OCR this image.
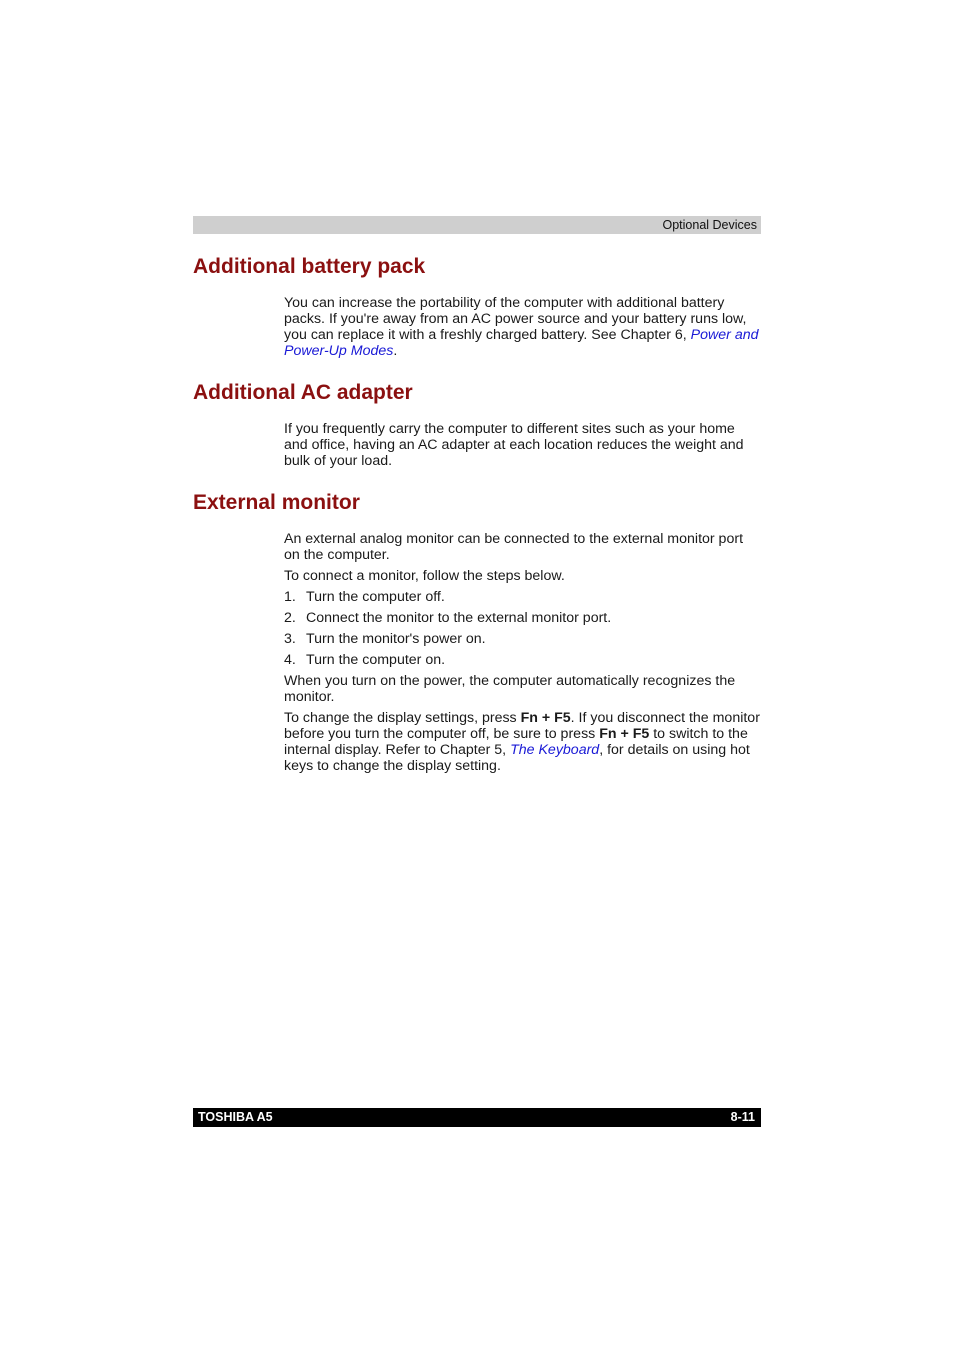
Optional Devices
Additional battery pack

You can increase the portability of the computer with additional battery packs. If you're away from an AC power source and your battery runs low, you can replace it with a freshly charged battery. See Chapter 6, Power and Power-Up Modes.

Additional AC adapter

If you frequently carry the computer to different sites such as your home and office, having an AC adapter at each location reduces the weight and bulk of your load.

External monitor

An external analog monitor can be connected to the external monitor port on the computer.

To connect a monitor, follow the steps below.

1. Turn the computer off.
2. Connect the monitor to the external monitor port.
3. Turn the monitor's power on.
4. Turn the computer on.

When you turn on the power, the computer automatically recognizes the monitor.

To change the display settings, press Fn + F5. If you disconnect the monitor before you turn the computer off, be sure to press Fn + F5 to switch to the internal display. Refer to Chapter 5, The Keyboard, for details on using hot keys to change the display setting.

TOSHIBA A5	8-11
